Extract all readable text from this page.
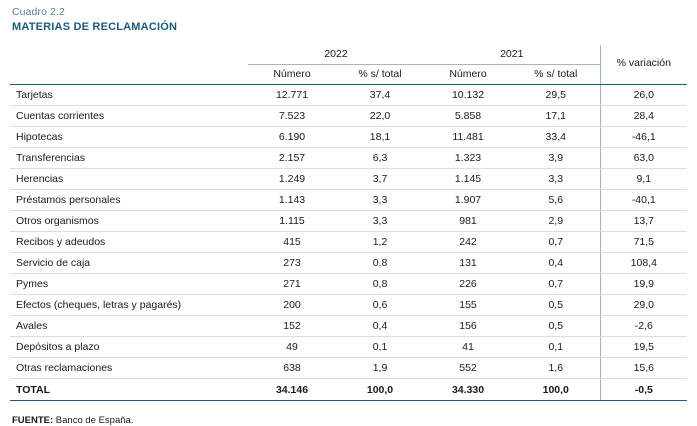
Cuadro 2.2
MATERIAS DE RECLAMACIÓN
	2022		2021		% variación
	Número	% s/ total	Número	% s/ total	

Tarjetas	12.771	37,4	10.132	29,5	26,0
Cuentas corrientes	7.523	22,0	5.858	17,1	28,4
Hipotecas	6.190	18,1	11.481	33,4	-46,1
Transferencias	2.157	6,3	1.323	3,9	63,0
Herencias	1.249	3,7	1.145	3,3	9,1
Préstamos personales	1.143	3,3	1.907	5,6	-40,1
Otros organismos	1.115	3,3	981	2,9	13,7
Recibos y adeudos	415	1,2	242	0,7	71,5
Servicio de caja	273	0,8	131	0,4	108,4
Pymes	271	0,8	226	0,7	19,9
Efectos (cheques, letras y pagarés)	200	0,6	155	0,5	29,0
Avales	152	0,4	156	0,5	-2,6
Depósitos a plazo	49	0,1	41	0,1	19,5
Otras reclamaciones	638	1,9	552	1,6	15,6
TOTAL	34.146	100,0	34.330	100,0	-0,5
FUENTE: Banco de España.
